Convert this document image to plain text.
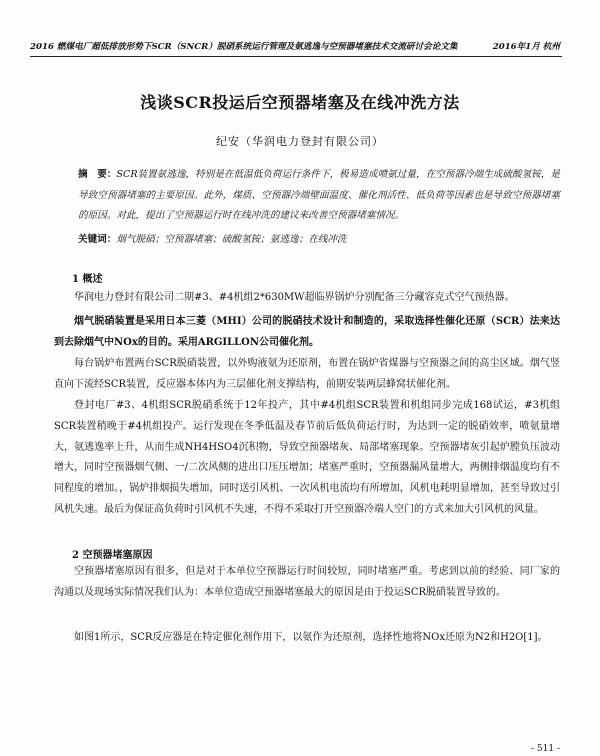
2016 燃煤电厂超低排放形势下SCR（SNCR）脱硝系统运行管理及氨逃逸与空预器堵塞技术交流研讨会论文集	2016年1月 杭州
浅谈SCR投运后空预器堵塞及在线冲洗方法
纪安（华润电力登封有限公司）
摘　要：SCR装置氨逃逸，特别是在低温低负荷运行条件下，极易造成喷氨过量，在空预器冷端生成硫酸氢铵，是导致空预器堵塞的主要原因。此外，煤质、空预器冷端壁面温度、催化剂活性、低负荷等因素也是导致空预器堵塞的原因。对此，提出了空预器运行时在线冲洗的建议来改善空预器堵塞情况。
关键词：烟气脱硝；空预器堵塞；硫酸氢铵；氨逃逸；在线冲洗
1 概述
华润电力登封有限公司二期#3、#4机组2*630MW超临界锅炉分别配备三分藏容克式空气预热器。
烟气脱硝装置是采用日本三菱（MHI）公司的脱硝技术设计和制造的，采取选择性催化还原（SCR）法来达到去除烟气中NOx的目的。采用ARGILLON公司催化剂。
每台锅炉布置两台SCR脱硝装置，以外购液氨为还原剂，布置在锅炉省煤器与空预器之间的高尘区域。烟气竖直向下流经SCR装置，反应器本体内为三层催化剂支撑结构，前期安装两层蜂窝状催化剂。
登封电厂#3、4机组SCR脱硝系统于12年投产，其中#4机组SCR装置和机组同步完成168试运，#3机组SCR装置稍晚于#4机组投产。运行发现在冬季低温及春节前后低负荷运行时，为达到一定的脱硝效率，喷氨量增大，氨逃逸率上升，从而生成NH4HSO4沉积物，导致空预器堵灰、局部堵塞现象。空预器堵灰引起炉膛负压波动增大，同时空预器烟气侧、一/二次风侧的进出口压压增加；堵塞严重时，空预器漏风量增大，两侧排烟温度均有不同程度的增加。，锅炉排烟损失增加，同时送引风机、一次风机电流均有所增加，风机电耗明显增加，甚至导致过引风机失速。最后为保证高负荷时引风机不失速，不得不采取打开空预器冷端人空门的方式来加大引风机的风量。
2 空预器堵塞原因
空预器堵塞原因有很多，但是对于本单位空预器运行时间较短，同时堵塞严重。考虑到以前的经验、同厂家的沟通以及现场实际情况我们认为：本单位造成空预器堵塞最大的原因是由于投运SCR脱硝装置导致的。
如图1所示，SCR反应器是在特定催化剂作用下，以氨作为还原剂，选择性地将NOx还原为N2和H2O[1]。
- 511 -
